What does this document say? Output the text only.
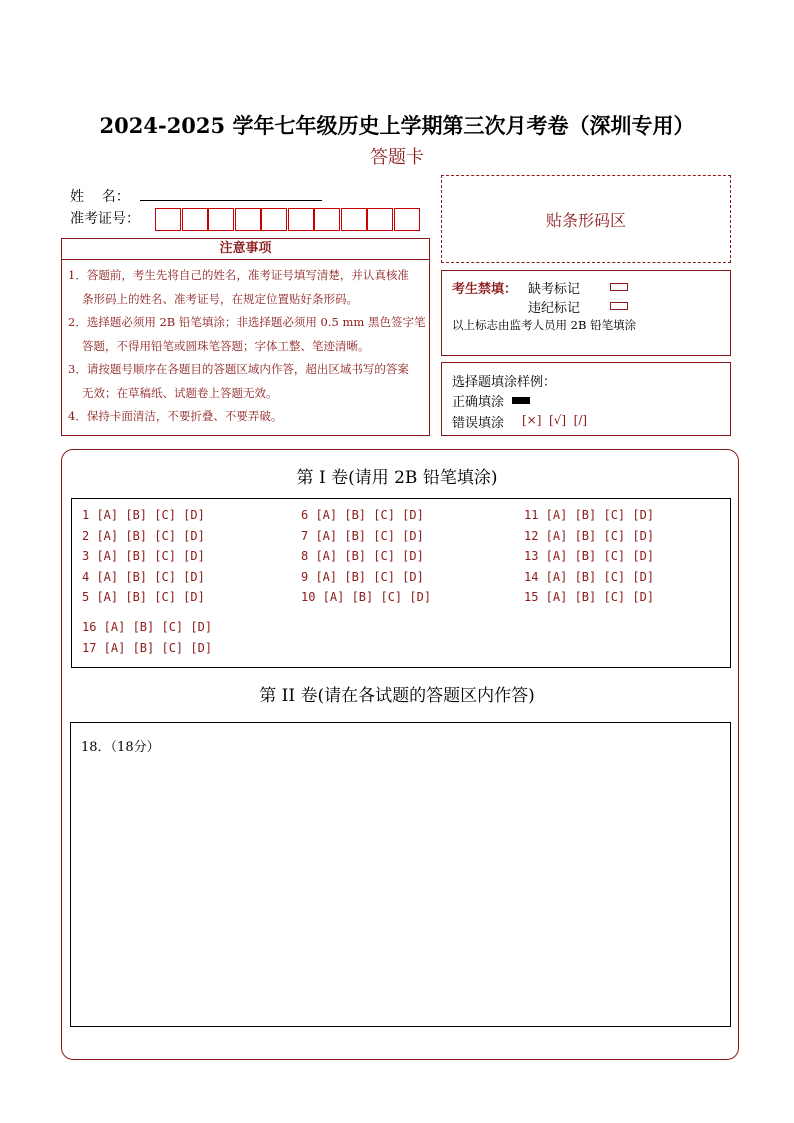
2024-2025 学年七年级历史上学期第三次月考卷（深圳专用）
答题卡
姓    名：
准考证号：	贴条形码区
注意事项
1．答题前，考生先将自己的姓名，准考证号填写清楚，并认真核准
条形码上的姓名、准考证号，在规定位置贴好条形码。
2．选择题必须用 2B 铅笔填涂；非选择题必须用 0.5 mm 黑色签字笔
答题，不得用铅笔或圆珠笔答题；字体工整、笔迹清晰。
3．请按题号顺序在各题目的答题区域内作答，超出区域书写的答案
无效；在草稿纸、试题卷上答题无效。
4．保持卡面清洁，不要折叠、不要弄破。
考生禁填： 缺考标记
违纪标记
以上标志由监考人员用 2B 铅笔填涂
选择题填涂样例：
正确填涂
错误填涂 [×]  [√]  [/]
第 I 卷(请用 2B 铅笔填涂)
1 [A] [B] [C] [D]
2 [A] [B] [C] [D]
3 [A] [B] [C] [D]
4 [A] [B] [C] [D]
5 [A] [B] [C] [D]
6 [A] [B] [C] [D]
7 [A] [B] [C] [D]
8 [A] [B] [C] [D]
9 [A] [B] [C] [D]
10 [A] [B] [C] [D]
11 [A] [B] [C] [D]
12 [A] [B] [C] [D]
13 [A] [B] [C] [D]
14 [A] [B] [C] [D]
15 [A] [B] [C] [D]
16 [A] [B] [C] [D]
17 [A] [B] [C] [D]
第 II 卷(请在各试题的答题区内作答)
18．（18分）
